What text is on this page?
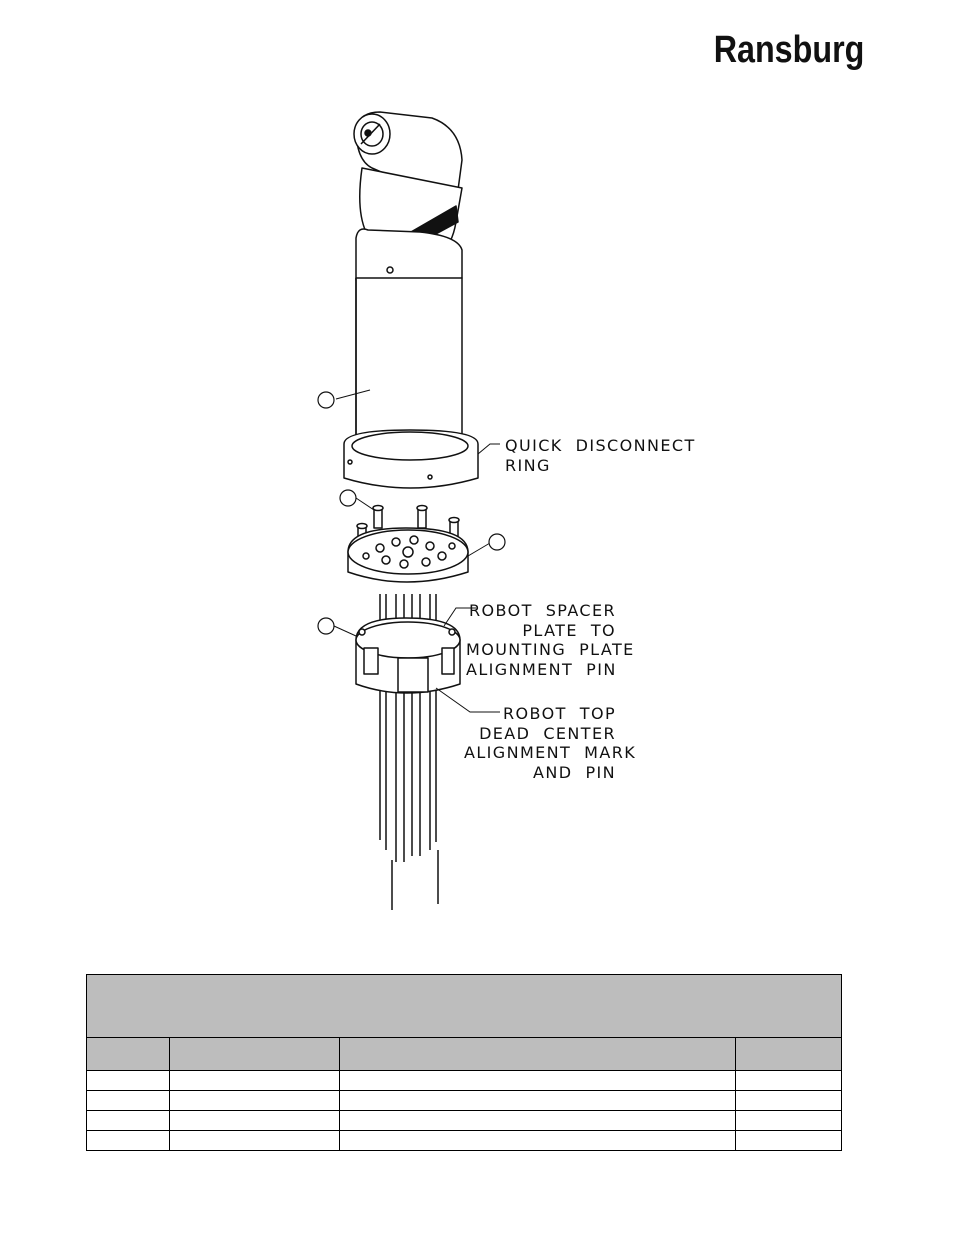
Ransburg
QUICK  DISCONNECT
RING
ROBOT  SPACER
PLATE  TO
MOUNTING  PLATE
ALIGNMENT  PIN
ROBOT  TOP
DEAD  CENTER
ALIGNMENT  MARK
AND  PIN
